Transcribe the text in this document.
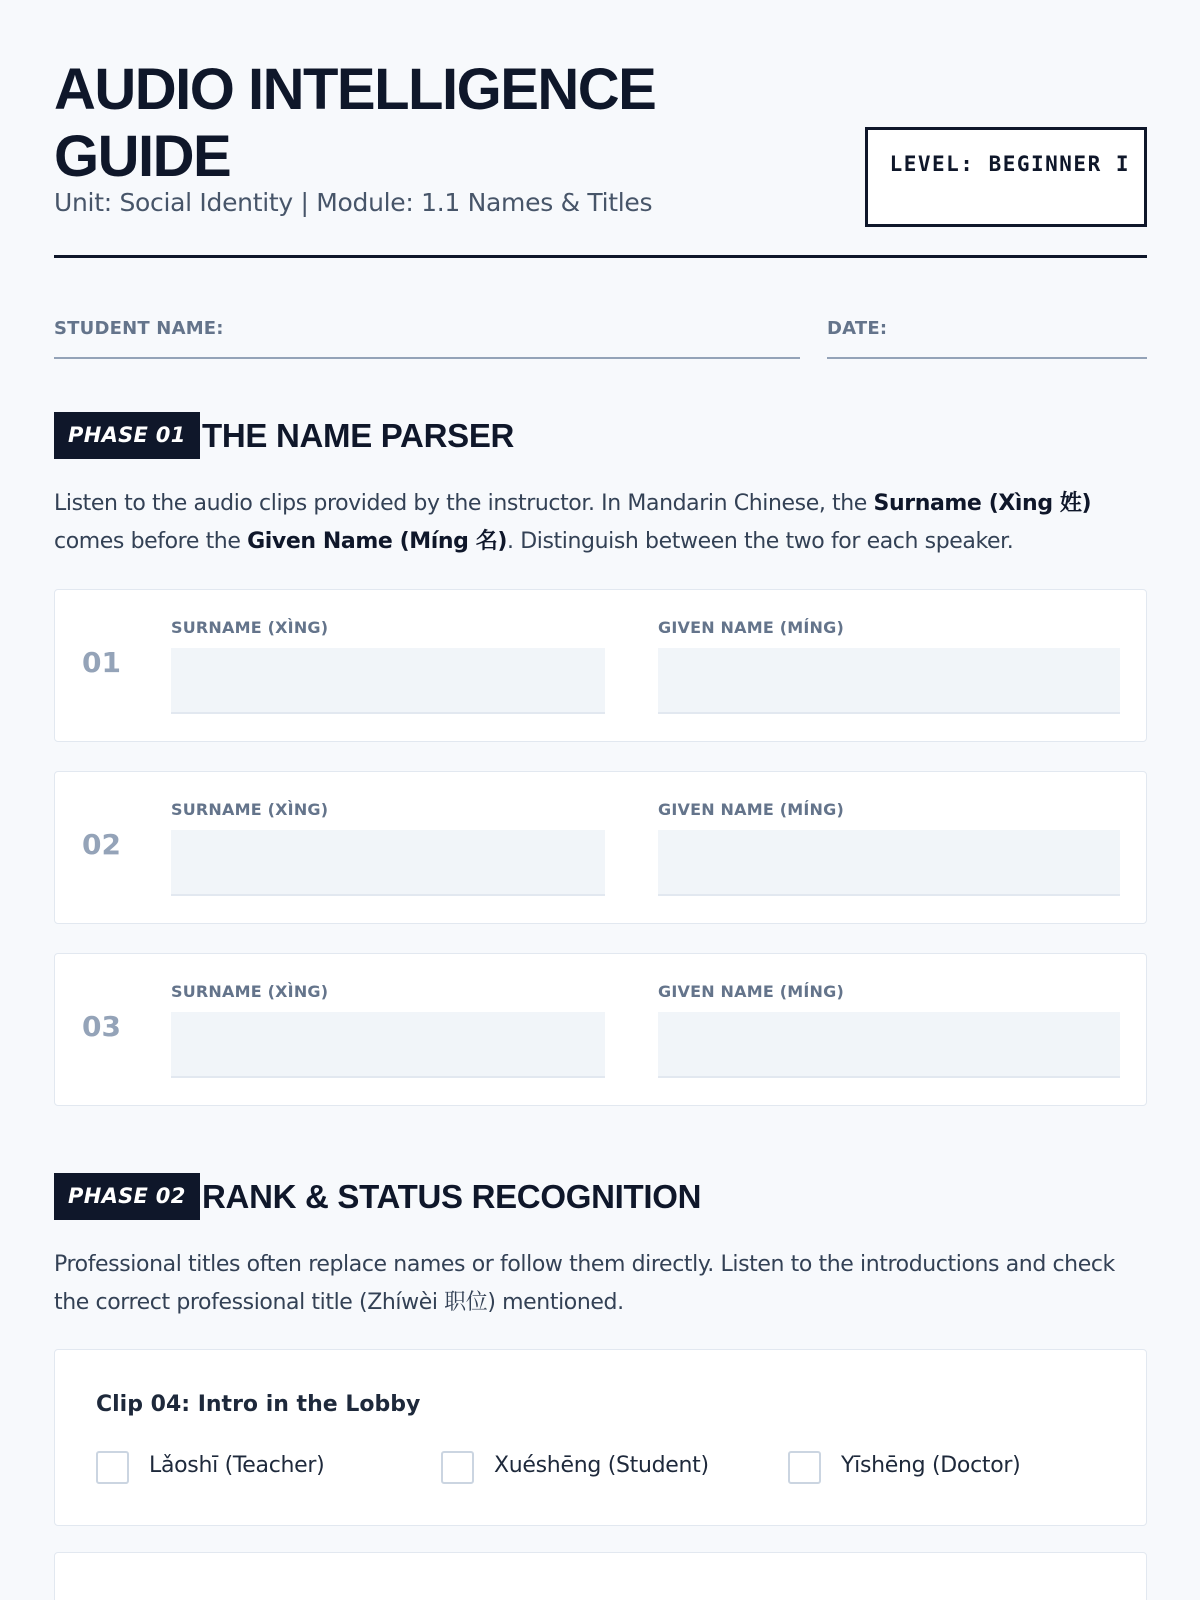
AUDIO INTELLIGENCE GUIDE
Unit: Social Identity | Module: 1.1 Names & Titles
LEVEL: BEGINNER I
STUDENT NAME:	DATE:
PHASE 01 THE NAME PARSER

Listen to the audio clips provided by the instructor. In Mandarin Chinese, the Surname (Xìng 姓) comes before the Given Name (Míng 名). Distinguish between the two for each speaker.

01
SURNAME (XÌNG)	GIVEN NAME (MÍNG)
02
SURNAME (XÌNG)	GIVEN NAME (MÍNG)
03
SURNAME (XÌNG)	GIVEN NAME (MÍNG)
PHASE 02 RANK & STATUS RECOGNITION

Professional titles often replace names or follow them directly. Listen to the introductions and check the correct professional title (Zhíwèi 职位) mentioned.

Clip 04: Intro in the Lobby
Lǎoshī (Teacher)	Xuéshēng (Student)	Yīshēng (Doctor)
